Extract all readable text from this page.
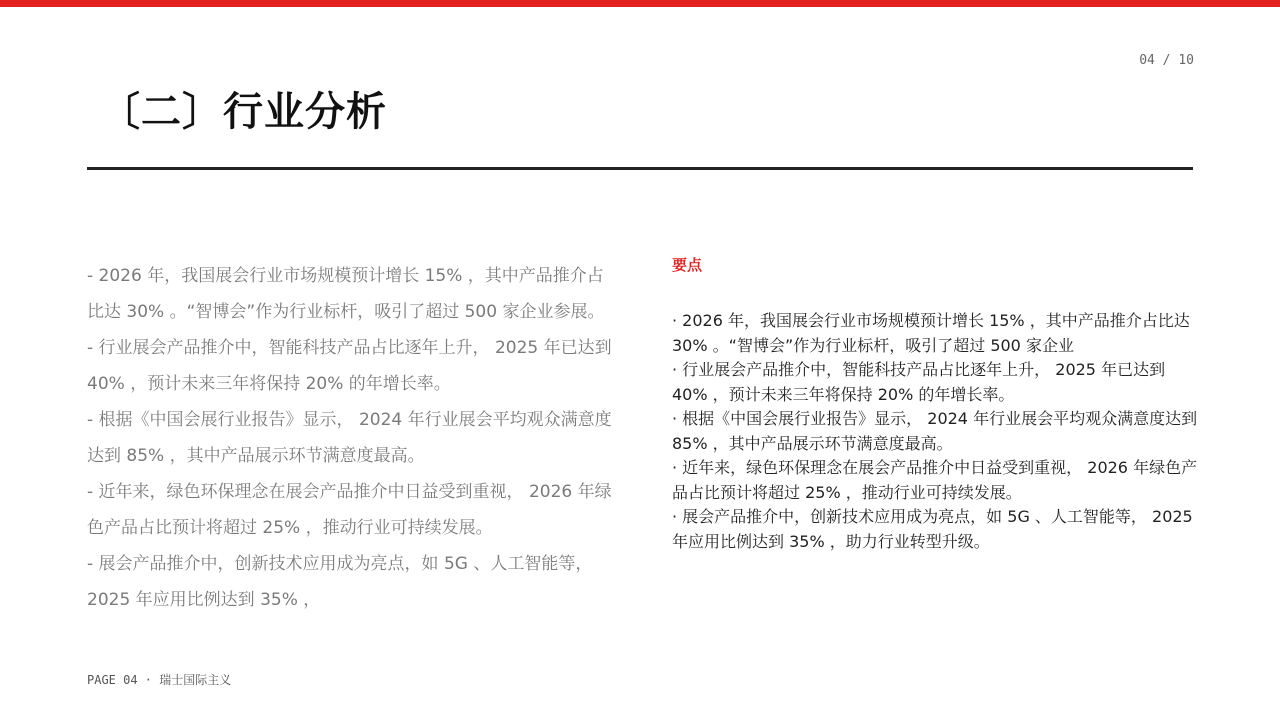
04 / 10
〔二〕行业分析

- 2026 年，我国展会行业市场规模预计增长 15% ，其中产品推介占比达 30% 。“智博会”作为行业标杆，吸引了超过 500 家企业参展。

- 行业展会产品推介中，智能科技产品占比逐年上升， 2025 年已达到 40% ，预计未来三年将保持 20% 的年增长率。

- 根据《中国会展行业报告》显示， 2024 年行业展会平均观众满意度达到 85% ，其中产品展示环节满意度最高。

- 近年来，绿色环保理念在展会产品推介中日益受到重视， 2026 年绿色产品占比预计将超过 25% ，推动行业可持续发展。

- 展会产品推介中，创新技术应用成为亮点，如 5G 、人工智能等， 2025 年应用比例达到 35% ，

要点

· 2026 年，我国展会行业市场规模预计增长 15% ，其中产品推介占比达 30% 。“智博会”作为行业标杆，吸引了超过 500 家企业

· 行业展会产品推介中，智能科技产品占比逐年上升， 2025 年已达到 40% ，预计未来三年将保持 20% 的年增长率。

· 根据《中国会展行业报告》显示， 2024 年行业展会平均观众满意度达到 85% ，其中产品展示环节满意度最高。

· 近年来，绿色环保理念在展会产品推介中日益受到重视， 2026 年绿色产品占比预计将超过 25% ，推动行业可持续发展。

· 展会产品推介中，创新技术应用成为亮点，如 5G 、人工智能等， 2025 年应用比例达到 35% ，助力行业转型升级。

PAGE 04 · 瑞士国际主义
